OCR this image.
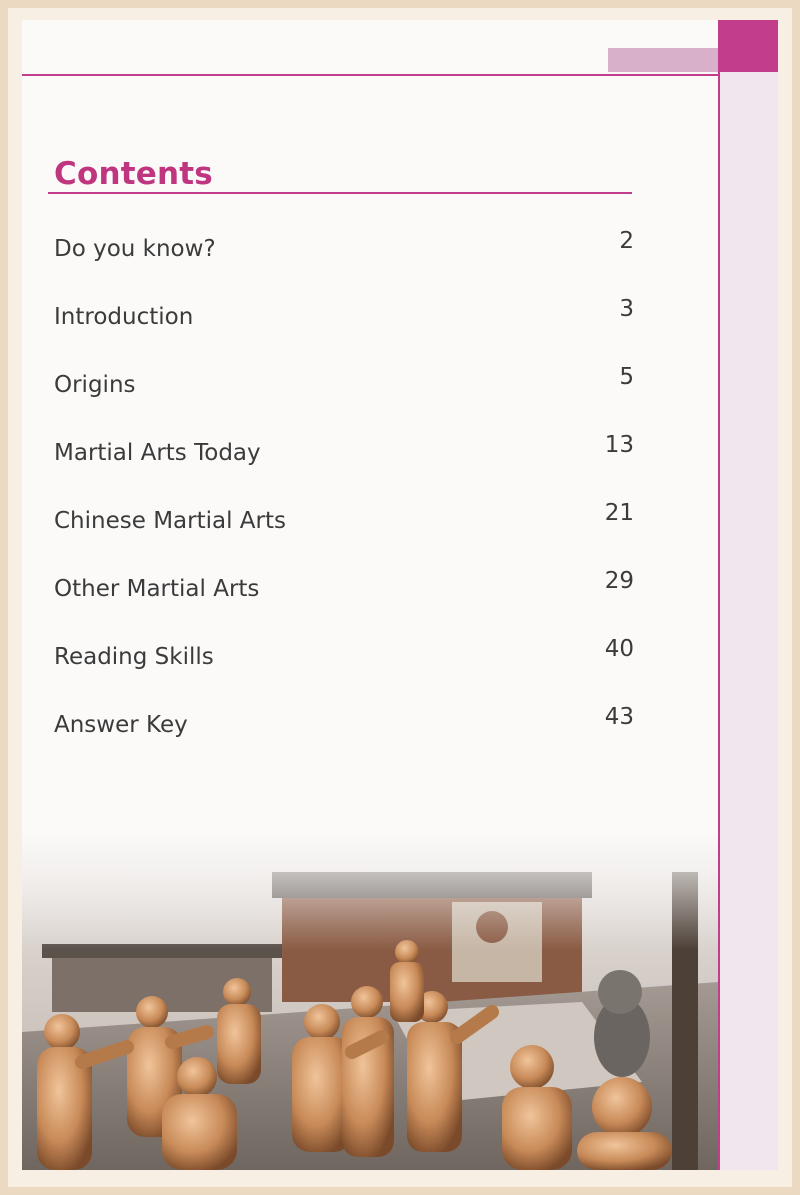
Contents
Do you know?	2
Introduction	3
Origins	5
Martial Arts Today	13
Chinese Martial Arts	21
Other Martial Arts	29
Reading Skills	40
Answer Key	43
